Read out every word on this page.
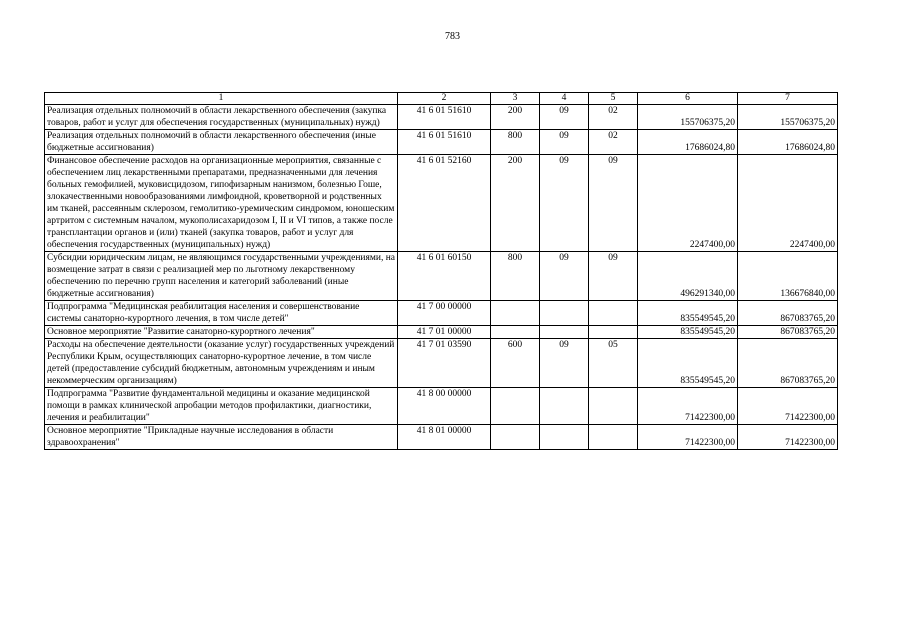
783
1	2	3	4	5	6	7
Реализация отдельных полномочий в области лекарственного обеспечения (закупка товаров, работ и услуг для обеспечения государственных (муниципальных) нужд)	41 6 01 51610	200	09	02	155706375,20	155706375,20
Реализация отдельных полномочий в области лекарственного обеспечения (иные бюджетные ассигнования)	41 6 01 51610	800	09	02	17686024,80	17686024,80
Финансовое обеспечение расходов на организационные мероприятия, связанные с обеспечением лиц лекарственными препаратами, предназначенными для лечения больных гемофилией, муковисцидозом, гипофизарным нанизмом, болезнью Гоше, злокачественными новообразованиями лимфоидной, кроветворной и родственных им тканей, рассеянным склерозом, гемолитико-уремическим синдромом, юношеским артритом с системным началом, мукополисахаридозом I, II и VI типов, а также после трансплантации органов и (или) тканей (закупка товаров, работ и услуг для обеспечения государственных (муниципальных) нужд)	41 6 01 52160	200	09	09	2247400,00	2247400,00
Субсидии юридическим лицам, не являющимся государственными учреждениями, на возмещение затрат в связи с реализацией мер по льготному лекарственному обеспечению по перечню групп населения и категорий заболеваний (иные бюджетные ассигнования)	41 6 01 60150	800	09	09	496291340,00	136676840,00
Подпрограмма "Медицинская реабилитация населения и совершенствование системы санаторно-курортного лечения, в том числе детей"	41 7 00 00000				835549545,20	867083765,20
Основное мероприятие "Развитие санаторно-курортного лечения"	41 7 01 00000				835549545,20	867083765,20
Расходы на обеспечение деятельности (оказание услуг) государственных учреждений Республики Крым, осуществляющих санаторно-курортное лечение, в том числе детей (предоставление субсидий бюджетным, автономным учреждениям и иным некоммерческим организациям)	41 7 01 03590	600	09	05	835549545,20	867083765,20
Подпрограмма "Развитие фундаментальной медицины и оказание медицинской помощи в рамках клинической апробации методов профилактики, диагностики, лечения и реабилитации"	41 8 00 00000				71422300,00	71422300,00
Основное мероприятие "Прикладные научные исследования в области здравоохранения"	41 8 01 00000				71422300,00	71422300,00
